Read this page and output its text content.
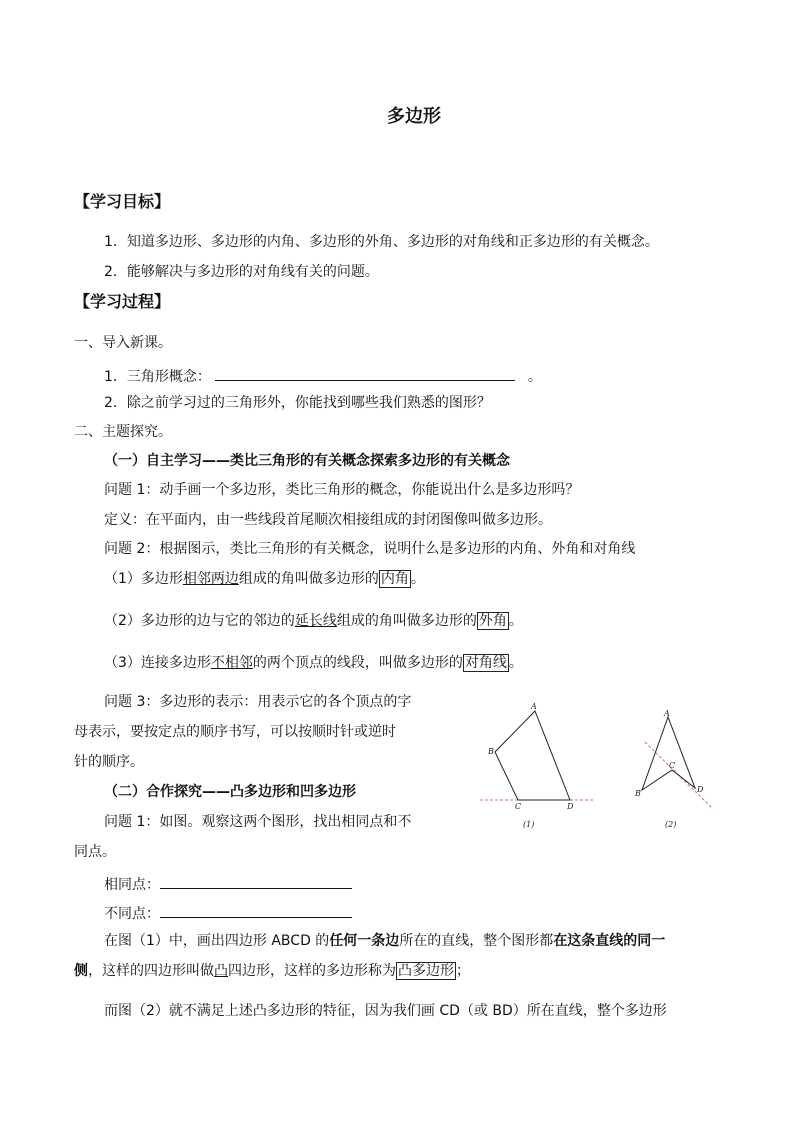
多边形
【学习目标】
1．知道多边形、多边形的内角、多边形的外角、多边形的对角线和正多边形的有关概念。
2．能够解决与多边形的对角线有关的问题。
【学习过程】
一、导入新课。
1．三角形概念：	。
2．除之前学习过的三角形外，你能找到哪些我们熟悉的图形？
二、主题探究。
（一）自主学习——类比三角形的有关概念探索多边形的有关概念
问题 1：动手画一个多边形，类比三角形的概念，你能说出什么是多边形吗？
定义：在平面内，由一些线段首尾顺次相接组成的封闭图像叫做多边形。
问题 2：根据图示，类比三角形的有关概念，说明什么是多边形的内角、外角和对角线
（1）多边形相邻两边组成的角叫做多边形的 内角 。
（2）多边形的边与它的邻边的延长线组成的角叫做多边形的 外角 。
（3）连接多边形不相邻的两个顶点的线段，叫做多边形的 对角线 。
问题 3：多边形的表示：用表示它的各个顶点的字
母表示，要按定点的顺序书写，可以按顺时针或逆时
针的顺序。
（二）合作探究——凸多边形和凹多边形
问题 1：如图。观察这两个图形，找出相同点和不
同点。
相同点：
不同点：
在图（1）中，画出四边形 ABCD 的任何一条边所在的直线，整个图形都在这条直线的同一
侧，这样的四边形叫做凸四边形，这样的多边形称为 凸多边形 ；
而图（2）就不满足上述凸多边形的特征，因为我们画 CD（或 BD）所在直线，整个多边形
A
B
C	D
(1)
A
B
C
D
(2)
